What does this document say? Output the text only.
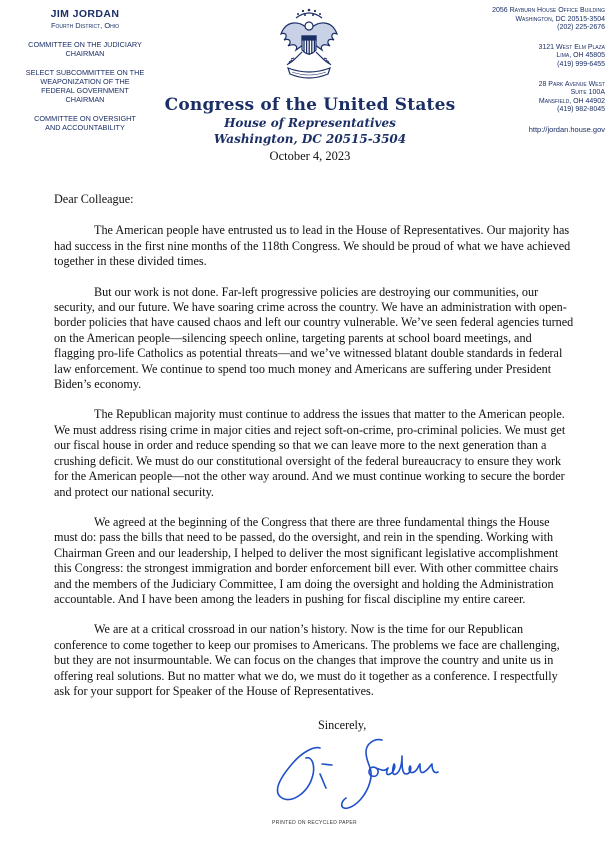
JIM JORDAN
Fourth District, Ohio
COMMITTEE ON THE JUDICIARY
CHAIRMAN
SELECT SUBCOMMITTEE ON THE
WEAPONIZATION OF THE
FEDERAL GOVERNMENT
CHAIRMAN
COMMITTEE ON OVERSIGHT
AND ACCOUNTABILITY
2056 Rayburn House Office Building
Washington, DC 20515-3504
(202) 225-2676
3121 West Elm Plaza
Lima, OH 45805
(419) 999-6455
28 Park Avenue West
Suite 100A
Mansfield, OH 44902
(419) 982-8045
http://jordan.house.gov
Congress of the United States
House of Representatives
Washington, DC 20515-3504
October 4, 2023

Dear Colleague:

The American people have entrusted us to lead in the House of Representatives. Our majority has had success in the first nine months of the 118th Congress. We should be proud of what we have achieved together in these divided times.

But our work is not done. Far-left progressive policies are destroying our communities, our security, and our future. We have soaring crime across the country. We have an administration with open-border policies that have caused chaos and left our country vulnerable. We’ve seen federal agencies turned on the American people—silencing speech online, targeting parents at school board meetings, and flagging pro-life Catholics as potential threats—and we’ve witnessed blatant double standards in federal law enforcement. We continue to spend too much money and Americans are suffering under President Biden’s economy.

The Republican majority must continue to address the issues that matter to the American people. We must address rising crime in major cities and reject soft-on-crime, pro-criminal policies. We must get our fiscal house in order and reduce spending so that we can leave more to the next generation than a crushing deficit. We must do our constitutional oversight of the federal bureaucracy to ensure they work for the American people—not the other way around. And we must continue working to secure the border and protect our national security.

We agreed at the beginning of the Congress that there are three fundamental things the House must do: pass the bills that need to be passed, do the oversight, and rein in the spending. Working with Chairman Green and our leadership, I helped to deliver the most significant legislative accomplishment this Congress: the strongest immigration and border enforcement bill ever. With other committee chairs and the members of the Judiciary Committee, I am doing the oversight and holding the Administration accountable. And I have been among the leaders in pushing for fiscal discipline my entire career.

We are at a critical crossroad in our nation’s history. Now is the time for our Republican conference to come together to keep our promises to Americans. The problems we face are challenging, but they are not insurmountable. We can focus on the changes that improve the country and unite us in offering real solutions. But no matter what we do, we must do it together as a conference. I respectfully ask for your support for Speaker of the House of Representatives.

Sincerely,
PRINTED ON RECYCLED PAPER
